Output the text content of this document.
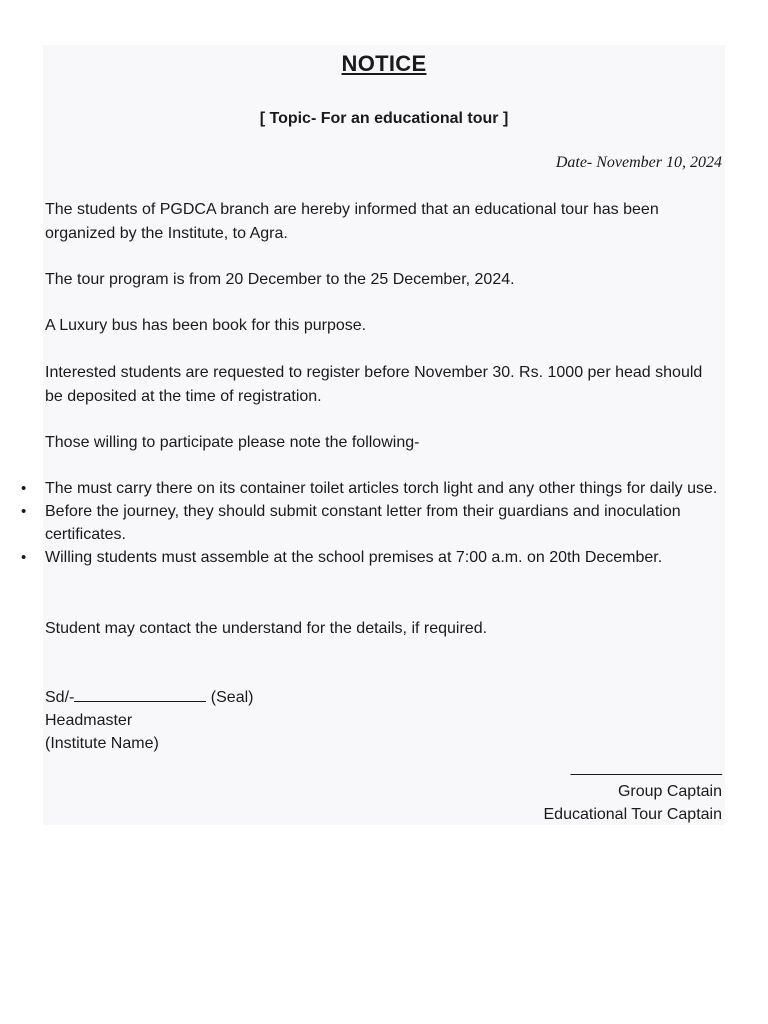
NOTICE
[ Topic- For an educational tour ]
Date- November 10, 2024

The students of PGDCA branch are hereby informed that an educational tour has been organized by the Institute, to Agra.

The tour program is from 20 December to the 25 December, 2024.

A Luxury bus has been book for this purpose.

Interested students are requested to register before November 30. Rs. 1000 per head should be deposited at the time of registration.

Those willing to participate please note the following-

• The must carry there on its container toilet articles torch light and any other things for daily use.
• Before the journey, they should submit constant letter from their guardians and inoculation certificates.
• Willing students must assemble at the school premises at 7:00 a.m. on 20th December.

Student may contact the understand for the details, if required.

Sd/-	(Seal)
Headmaster
(Institute Name)
_________________
Group Captain
Educational Tour Captain
